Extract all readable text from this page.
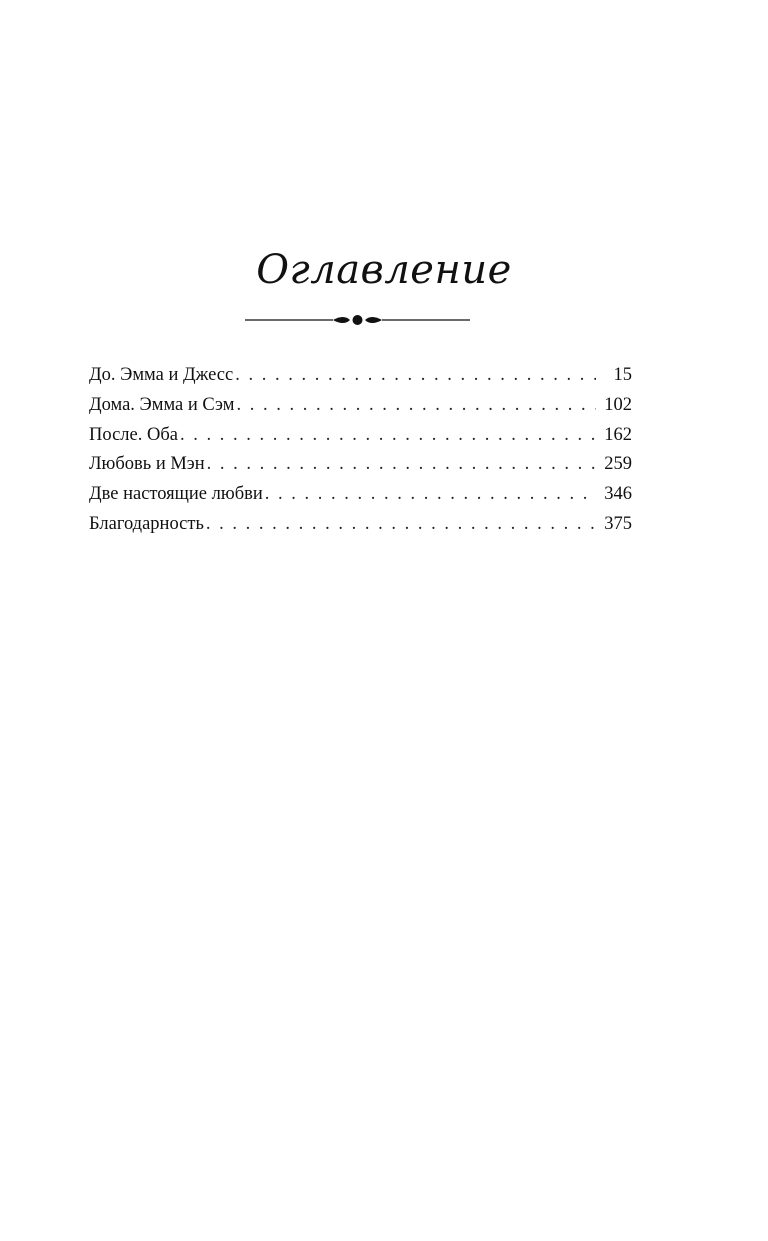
Оглавление
До. Эмма и Джесс . . .	15
Дома. Эмма и Сэм . . .	102
После. Оба . . .	162
Любовь и Мэн . . .	259
Две настоящие любви . . .	346
Благодарность . . .	375
